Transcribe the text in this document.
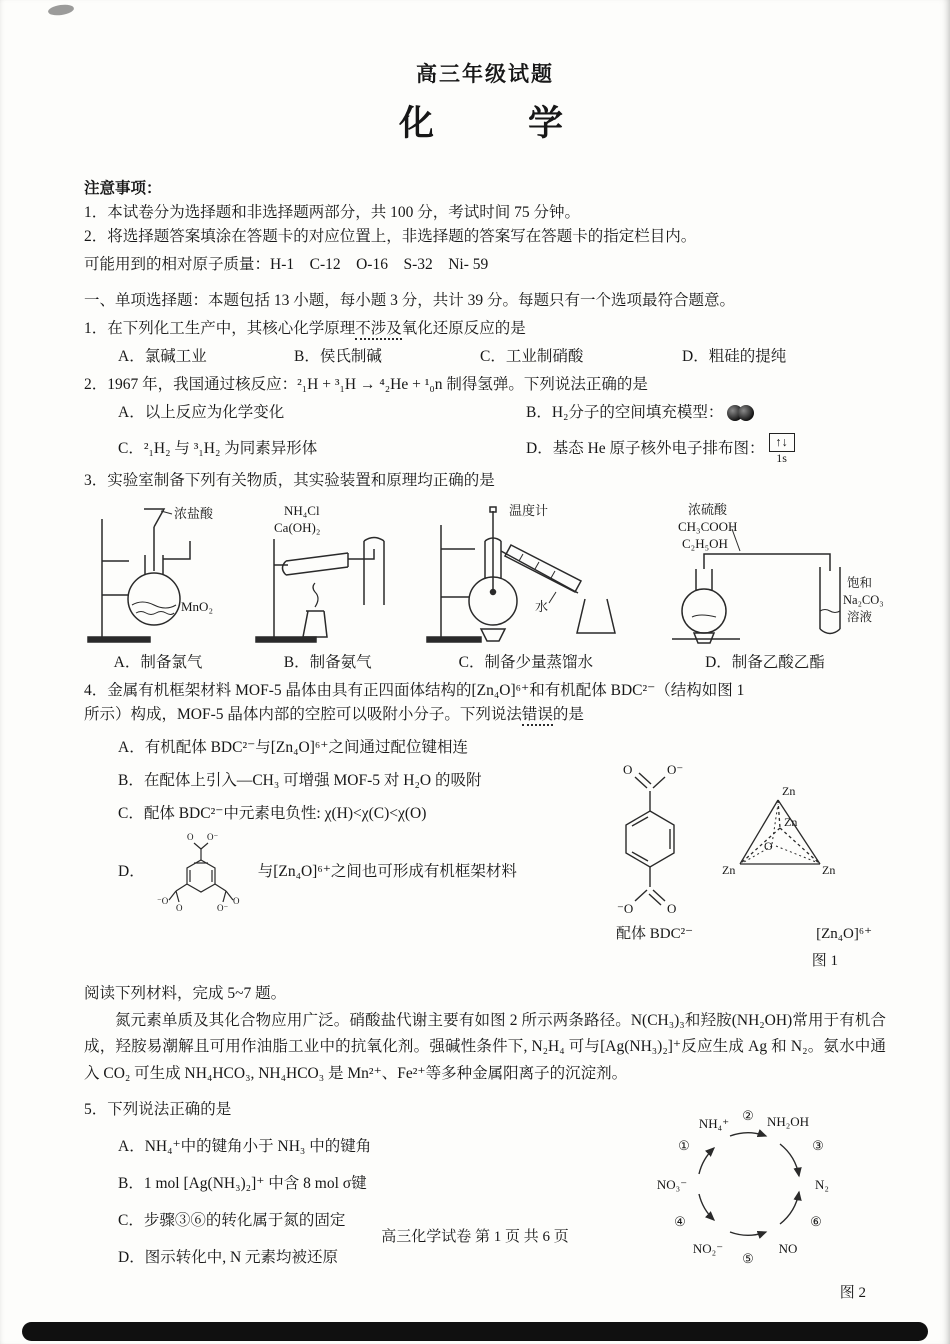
高三年级试题
化　　学
注意事项：
1．本试卷分为选择题和非选择题两部分，共 100 分，考试时间 75 分钟。
2．将选择题答案填涂在答题卡的对应位置上，非选择题的答案写在答题卡的指定栏目内。
可能用到的相对原子质量：H-1　C-12　O-16　S-32　Ni- 59
一、单项选择题：本题包括 13 小题，每小题 3 分，共计 39 分。每题只有一个选项最符合题意。
1．在下列化工生产中，其核心化学原理不涉及氧化还原反应的是
A．氯碱工业	B．侯氏制碱	C．工业制硝酸	D．粗硅的提纯
2．1967 年，我国通过核反应：²₁H + ³₁H → ⁴₂He + ¹₀n 制得氢弹。下列说法正确的是
A．以上反应为化学变化	B．H₂分子的空间填充模型：
C．²₁H₂ 与 ³₁H₂ 为同素异形体	D．基态 He 原子核外电子排布图： ↑↓
1s
3．实验室制备下列有关物质，其实验装置和原理均正确的是
浓盐酸
MnO₂
A．制备氯气
NH₄Cl
Ca(OH)₂
B．制备氨气
温度计
水
C．制备少量蒸馏水
浓硫酸
CH₃COOH
C₂H₅OH
饱和
Na₂CO₃
溶液
D．制备乙酸乙酯
4．金属有机框架材料 MOF-5 晶体由具有正四面体结构的[Zn₄O]⁶⁺和有机配体 BDC²⁻（结构如图 1
所示）构成，MOF-5 晶体内部的空腔可以吸附小分子。下列说法错误的是
A．有机配体 BDC²⁻与[Zn₄O]⁶⁺之间通过配位键相连
B．在配体上引入—CH₃ 可增强 MOF-5 对 H₂O 的吸附
C．配体 BDC²⁻中元素电负性: χ(H)<χ(C)<χ(O)
D．
O O⁻
⁻O
O
O
O⁻
与[Zn₄O]⁶⁺之间也可形成有机框架材料
O	O⁻
⁻O	O
Zn
Zn
O
Zn	Zn
配体 BDC²⁻	[Zn₄O]⁶⁺
图 1
阅读下列材料，完成 5~7 题。
氮元素单质及其化合物应用广泛。硝酸盐代谢主要有如图 2 所示两条路径。N(CH₃)₃和羟胺(NH₂OH)常用于有机合成，羟胺易潮解且可用作油脂工业中的抗氧化剂。强碱性条件下, N₂H₄ 可与[Ag(NH₃)₂]⁺反应生成 Ag 和 N₂。氨水中通入 CO₂ 可生成 NH₄HCO₃, NH₄HCO₃ 是 Mn²⁺、Fe²⁺等多种金属阳离子的沉淀剂。
5．下列说法正确的是
A．NH₄⁺中的键角小于 NH₃ 中的键角
B．1 mol [Ag(NH₃)₂]⁺ 中含 8 mol σ键
C．步骤③⑥的转化属于氮的固定
D．图示转化中, N 元素均被还原
NH₄⁺
② NH₂OH
③
N₂
⑥
NO
⑤
NO₂⁻
④
NO₃⁻
①
图 2
高三化学试卷 第 1 页 共 6 页
